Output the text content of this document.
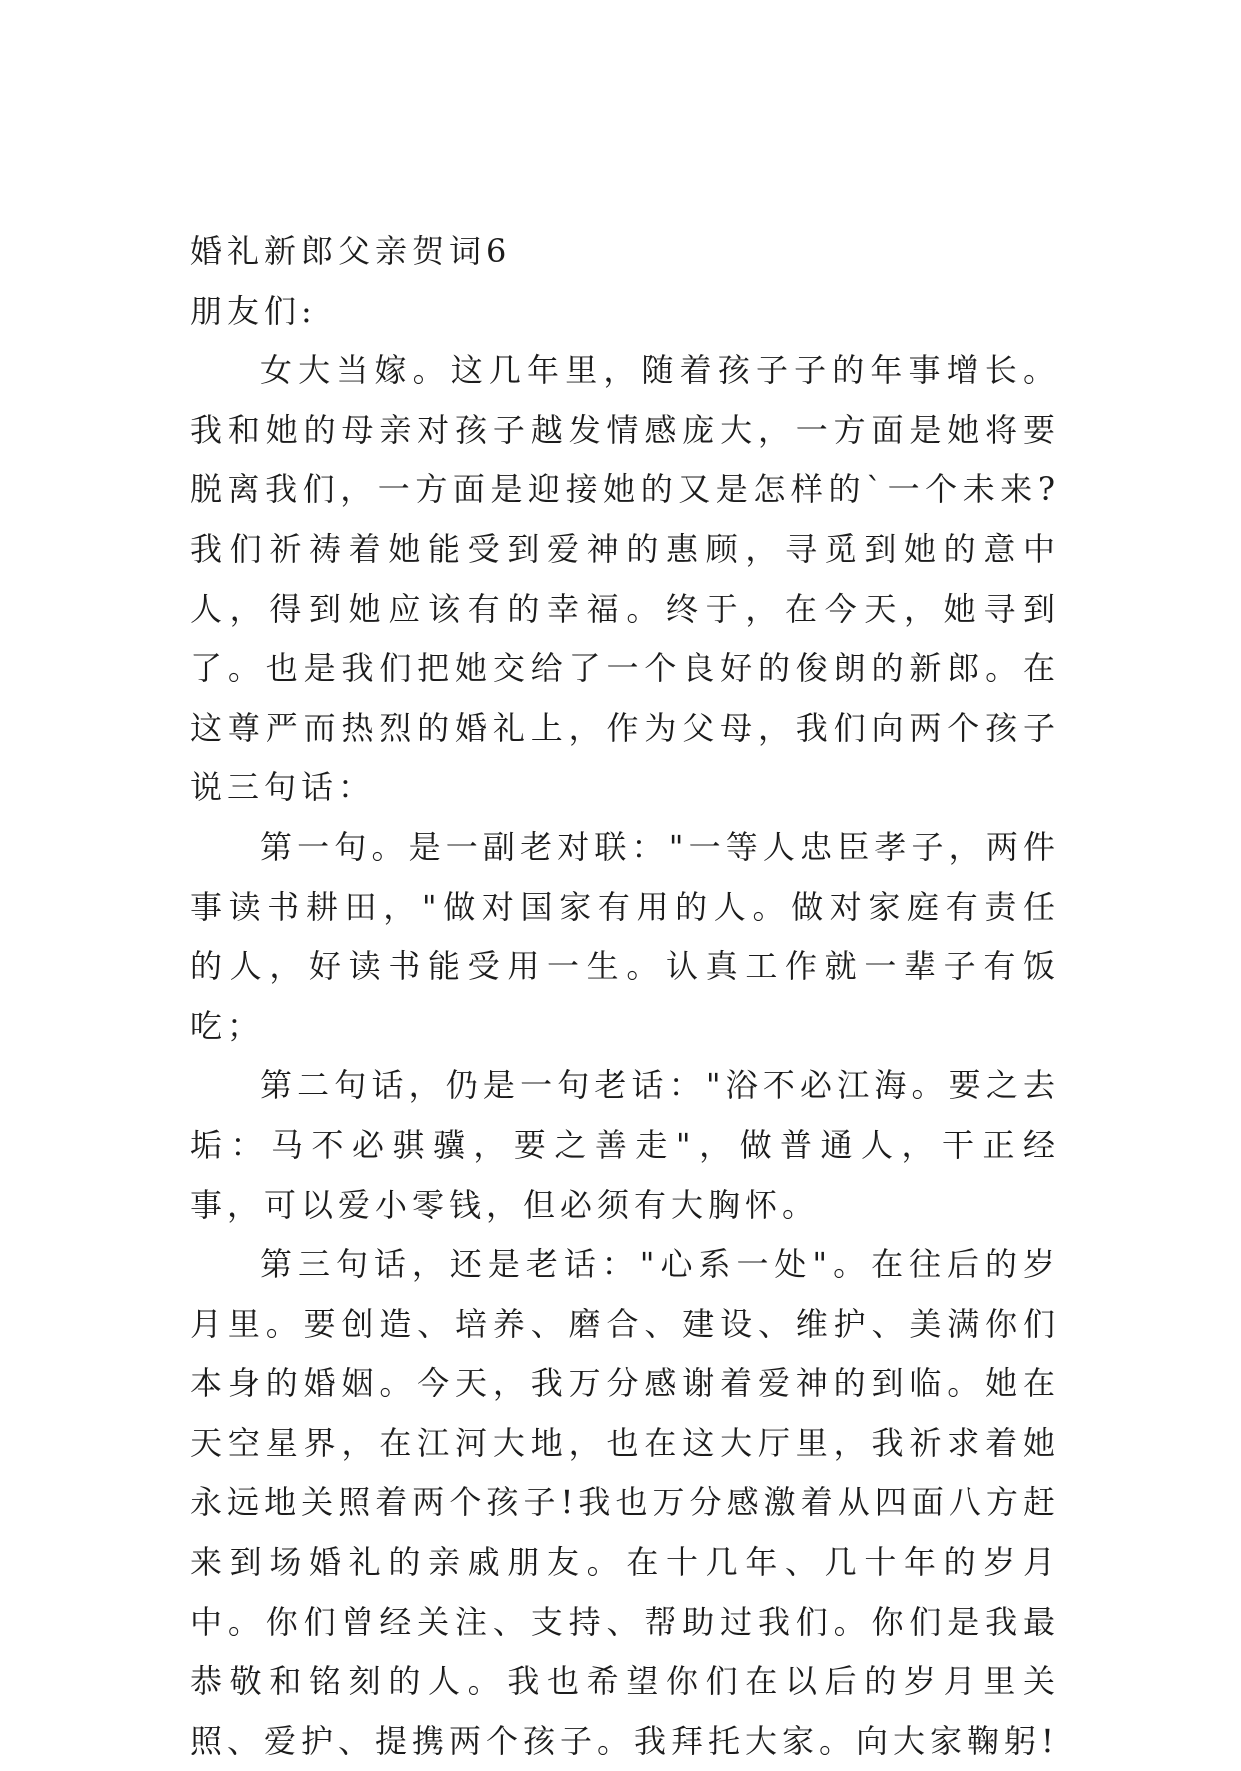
婚礼新郎父亲贺词6

朋友们:

女大当嫁。这几年里，随着孩子子的年事增长。我和她的母亲对孩子越发情感庞大，一方面是她将要脱离我们，一方面是迎接她的又是怎样的`一个未来?我们祈祷着她能受到爱神的惠顾，寻觅到她的意中人，得到她应该有的幸福。终于，在今天，她寻到了。也是我们把她交给了一个良好的俊朗的新郎。在这尊严而热烈的婚礼上，作为父母，我们向两个孩子说三句话：

第一句。是一副老对联："一等人忠臣孝子，两件事读书耕田，"做对国家有用的人。做对家庭有责任的人，好读书能受用一生。认真工作就一辈子有饭吃；

第二句话，仍是一句老话："浴不必江海。要之去垢：马不必骐骥，要之善走"，做普通人，干正经事，可以爱小零钱，但必须有大胸怀。

第三句话，还是老话："心系一处"。在往后的岁月里。要创造、培养、磨合、建设、维护、美满你们本身的婚姻。今天，我万分感谢着爱神的到临。她在天空星界，在江河大地，也在这大厅里，我祈求着她永远地关照着两个孩子!我也万分感激着从四面八方赶来到场婚礼的亲戚朋友。在十几年、几十年的岁月中。你们曾经关注、支持、帮助过我们。你们是我最恭敬和铭刻的人。我也希望你们在以后的岁月里关照、爱护、提携两个孩子。我拜托大家。向大家鞠躬!
